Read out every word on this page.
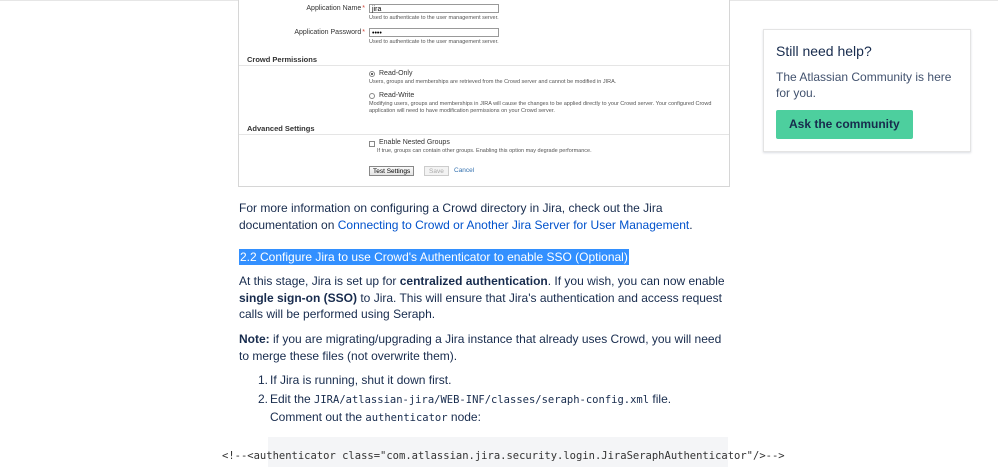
Application Name*	jira
Used to authenticate to the user management server.
Application Password*	••••
Used to authenticate to the user management server.
Crowd Permissions
Read-Only
Users, groups and memberships are retrieved from the Crowd server and cannot be modified in JIRA.
Read-Write
Modifying users, groups and memberships in JIRA will cause the changes to be applied directly to your Crowd server. Your configured Crowd application will need to have modification permissions on your Crowd server.
Advanced Settings
Enable Nested Groups
If true, groups can contain other groups. Enabling this option may degrade performance.
Test Settings	Save	Cancel
For more information on configuring a Crowd directory in Jira, check out the Jira documentation on Connecting to Crowd or Another Jira Server for User Management.
2.2 Configure Jira to use Crowd's Authenticator to enable SSO (Optional)
At this stage, Jira is set up for centralized authentication. If you wish, you can now enable single sign-on (SSO) to Jira. This will ensure that Jira's authentication and access request calls will be performed using Seraph.
Note: if you are migrating/upgrading a Jira instance that already uses Crowd, you will need to merge these files (not overwrite them).
1. If Jira is running, shut it down first.
2. Edit the JIRA/atlassian-jira/WEB-INF/classes/seraph-config.xml file.
Comment out the authenticator node:
<!--<authenticator class="com.atlassian.jira.security.login.JiraSeraphAuthenticator"/>-->
Still need help?
The Atlassian Community is here for you.
Ask the community
